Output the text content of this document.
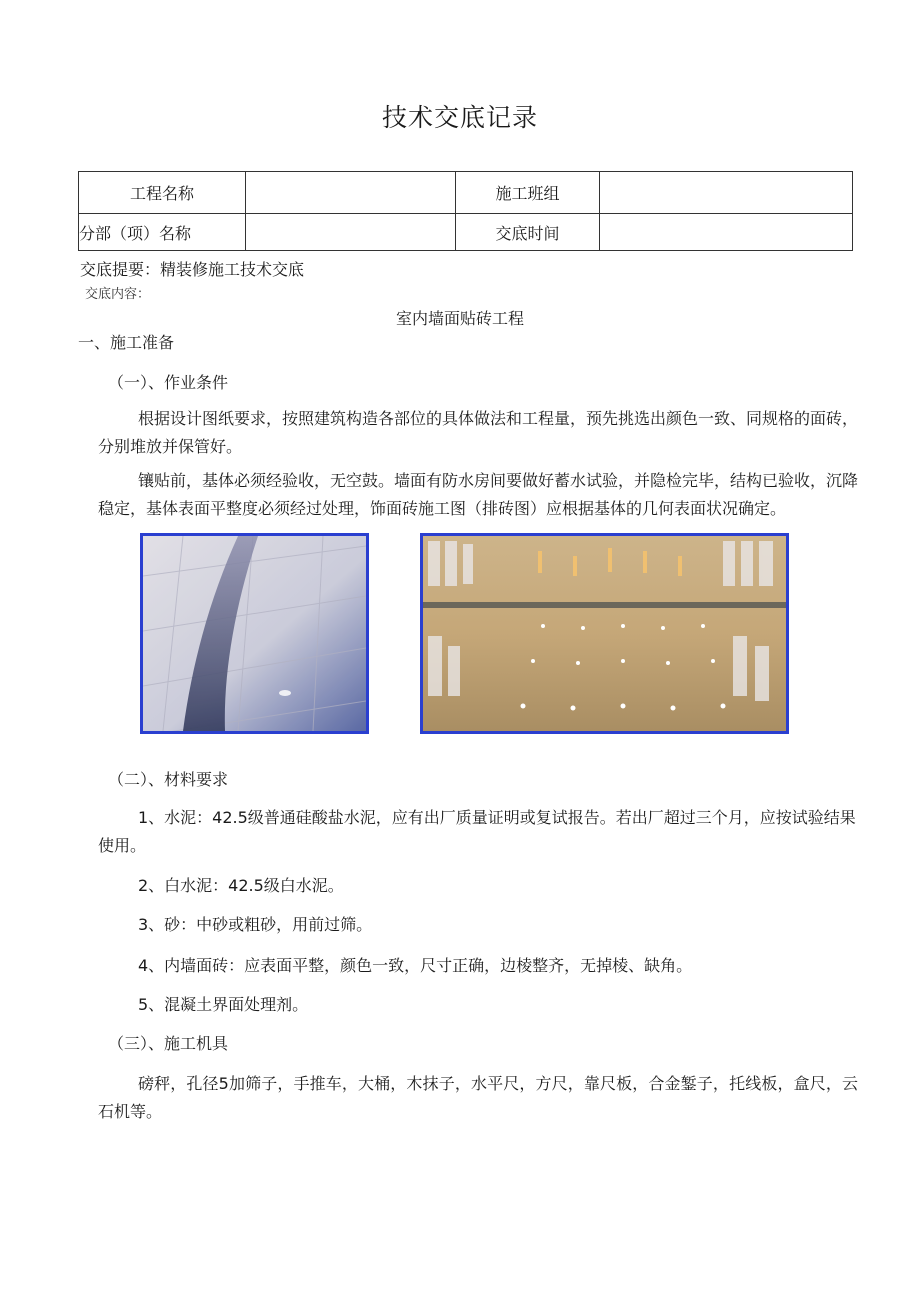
技术交底记录
工程名称		施工班组	
分部（项）名称		交底时间	
交底提要：精装修施工技术交底
交底内容：
室内墙面贴砖工程
一、施工准备
（一）、作业条件
根据设计图纸要求，按照建筑构造各部位的具体做法和工程量，预先挑选出颜色一致、同规格的面砖，分别堆放并保管好。
镶贴前，基体必须经验收，无空鼓。墙面有防水房间要做好蓄水试验，并隐检完毕，结构已验收，沉降稳定，基体表面平整度必须经过处理，饰面砖施工图（排砖图）应根据基体的几何表面状况确定。
（二）、材料要求
1、水泥：42.5级普通硅酸盐水泥，应有出厂质量证明或复试报告。若出厂超过三个月，应按试验结果使用。
2、白水泥：42.5级白水泥。
3、砂：中砂或粗砂，用前过筛。
4、内墙面砖：应表面平整，颜色一致，尺寸正确，边棱整齐，无掉棱、缺角。
5、混凝土界面处理剂。
（三）、施工机具
磅秤，孔径5加筛子，手推车，大桶，木抹子，水平尺，方尺，靠尺板，合金錾子，托线板，盒尺，云石机等。
